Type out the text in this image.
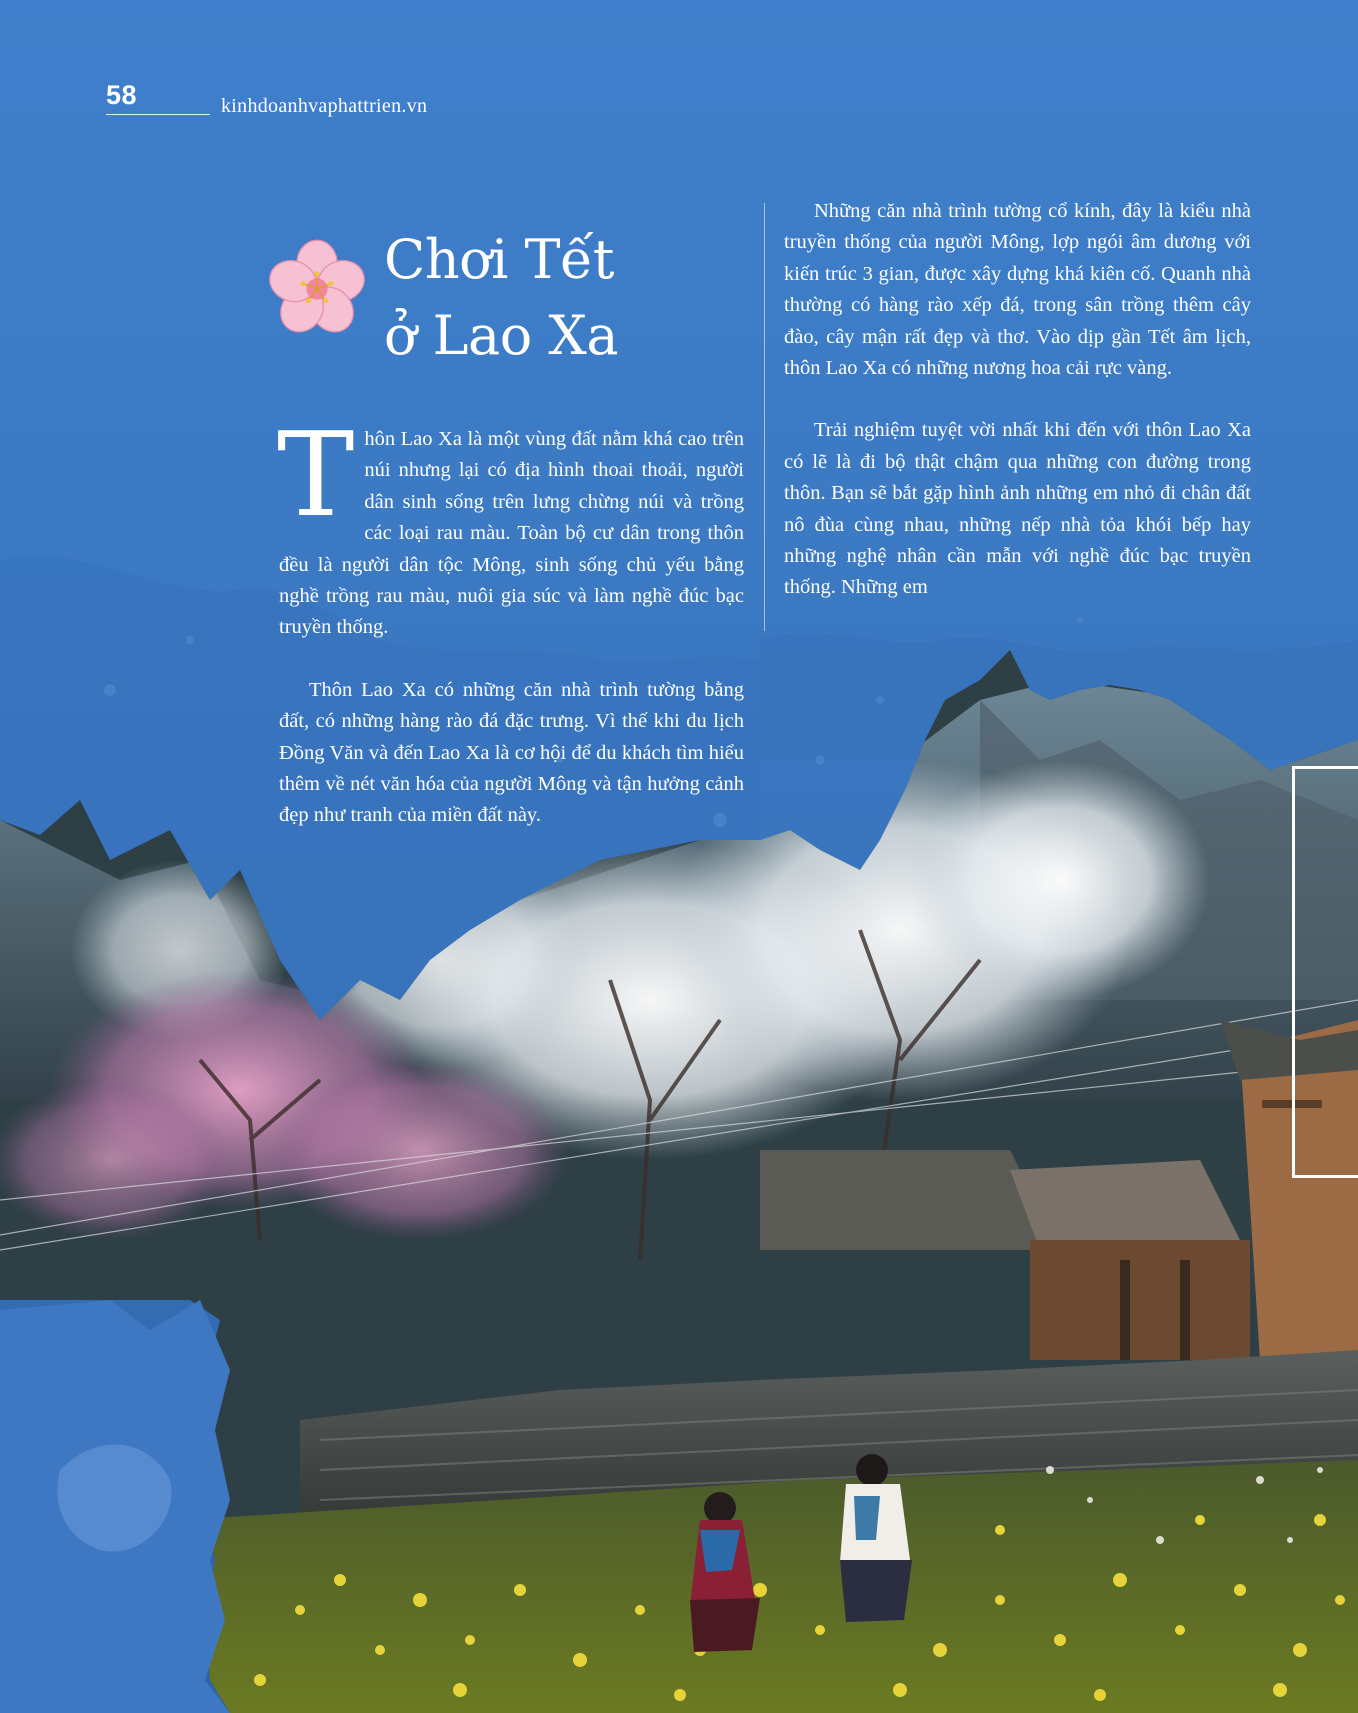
58	kinhdoanhvaphattrien.vn
Chơi Tết
ở Lao Xa

Thôn Lao Xa là một vùng đất nằm khá cao trên núi nhưng lại có địa hình thoai thoải, người dân sinh sống trên lưng chừng núi và trồng các loại rau màu. Toàn bộ cư dân trong thôn đều là người dân tộc Mông, sinh sống chủ yếu bằng nghề trồng rau màu, nuôi gia súc và làm nghề đúc bạc truyền thống.

Thôn Lao Xa có những căn nhà trình tường bằng đất, có những hàng rào đá đặc trưng. Vì thế khi du lịch Đồng Văn và đến Lao Xa là cơ hội để du khách tìm hiểu thêm về nét văn hóa của người Mông và tận hưởng cảnh đẹp như tranh của miền đất này.

Những căn nhà trình tường cổ kính, đây là kiểu nhà truyền thống của người Mông, lợp ngói âm dương với kiến trúc 3 gian, được xây dựng khá kiên cố. Quanh nhà thường có hàng rào xếp đá, trong sân trồng thêm cây đào, cây mận rất đẹp và thơ. Vào dịp gần Tết âm lịch, thôn Lao Xa có những nương hoa cải rực vàng.

Trải nghiệm tuyệt vời nhất khi đến với thôn Lao Xa có lẽ là đi bộ thật chậm qua những con đường trong thôn. Bạn sẽ bắt gặp hình ảnh những em nhỏ đi chân đất nô đùa cùng nhau, những nếp nhà tỏa khói bếp hay những nghệ nhân cần mẫn với nghề đúc bạc truyền thống. Những em
